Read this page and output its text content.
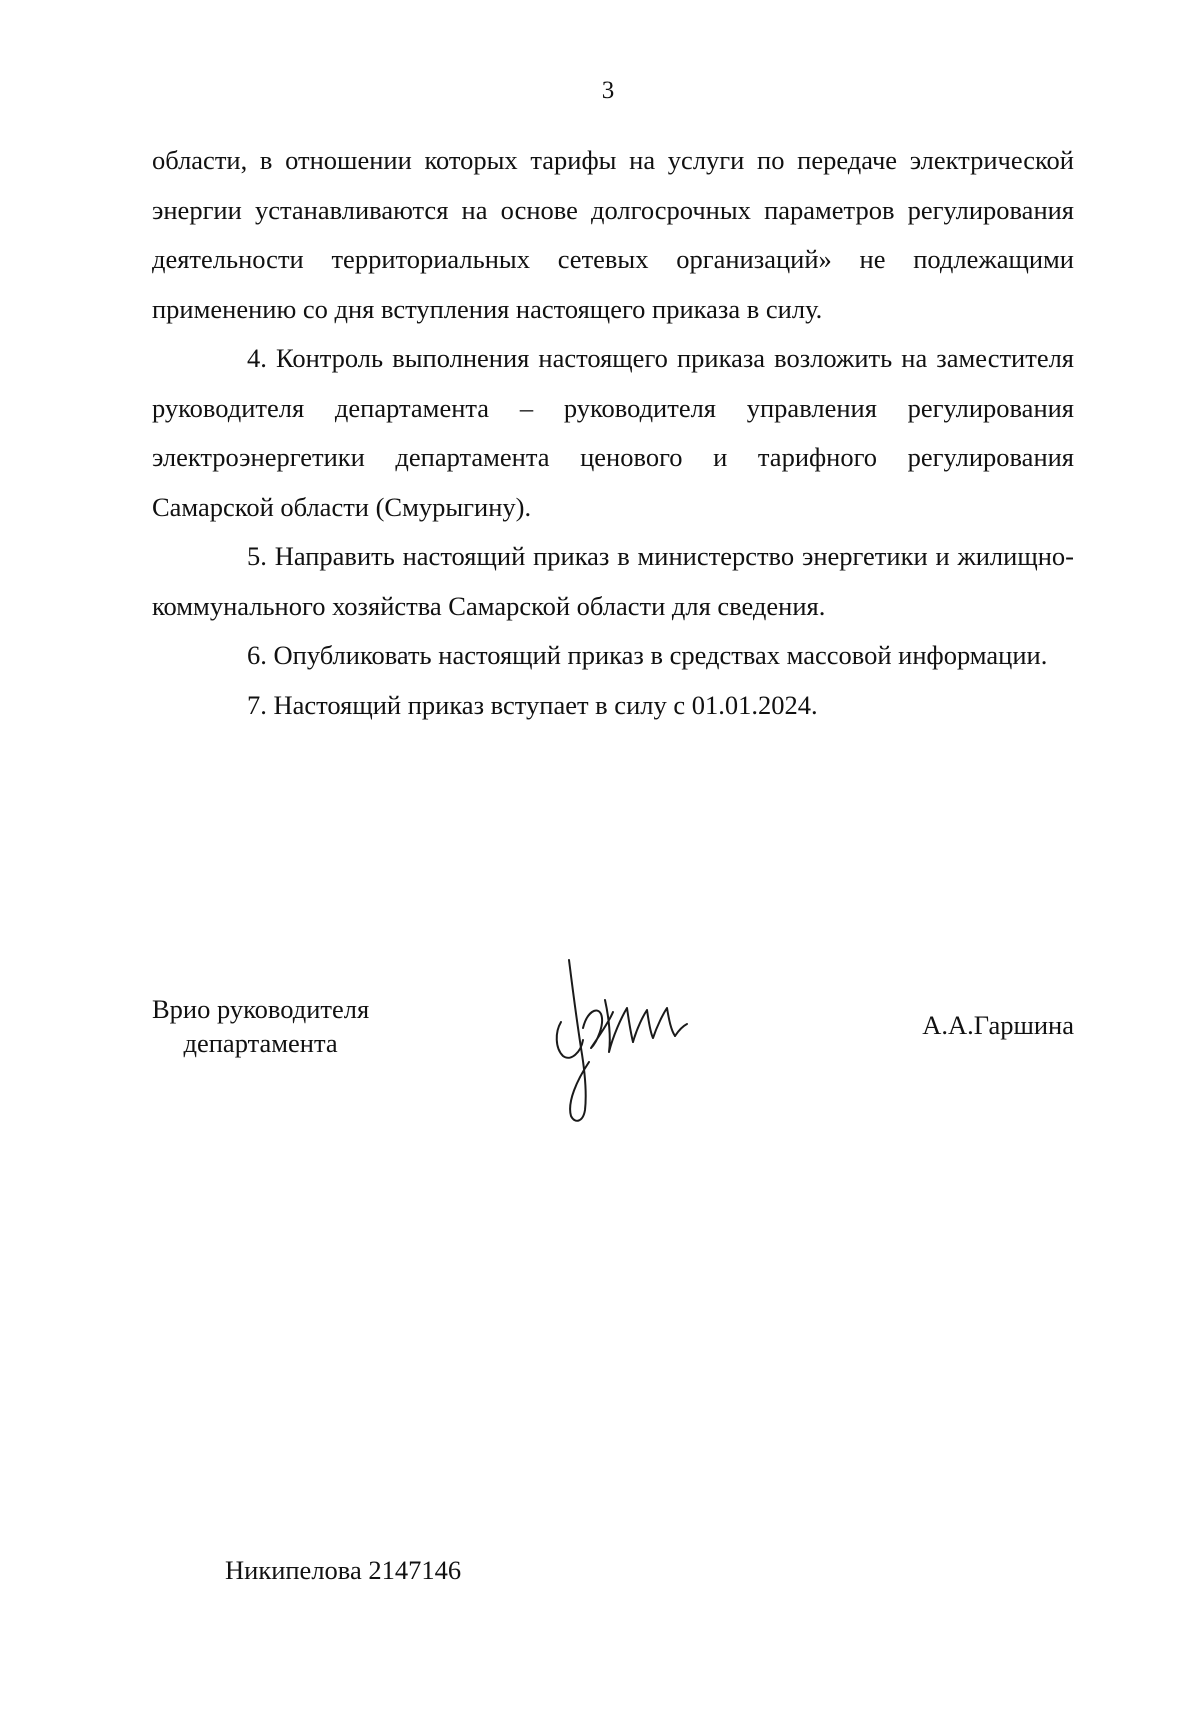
3

области, в отношении которых тарифы на услуги по передаче электрической энергии устанавливаются на основе долгосрочных параметров регулирования деятельности территориальных сетевых организаций» не подлежащими применению со дня вступления настоящего приказа в силу.

4. Контроль выполнения настоящего приказа возложить на заместителя руководителя департамента – руководителя управления регулирования электроэнергетики департамента ценового и тарифного регулирования Самарской области (Смурыгину).

5. Направить настоящий приказ в министерство энергетики и жилищно-коммунального хозяйства Самарской области для сведения.

6. Опубликовать настоящий приказ в средствах массовой информации.

7. Настоящий приказ вступает в силу с 01.01.2024.

Врио руководителя
департамента
А.А.Гаршина
Никипелова 2147146
